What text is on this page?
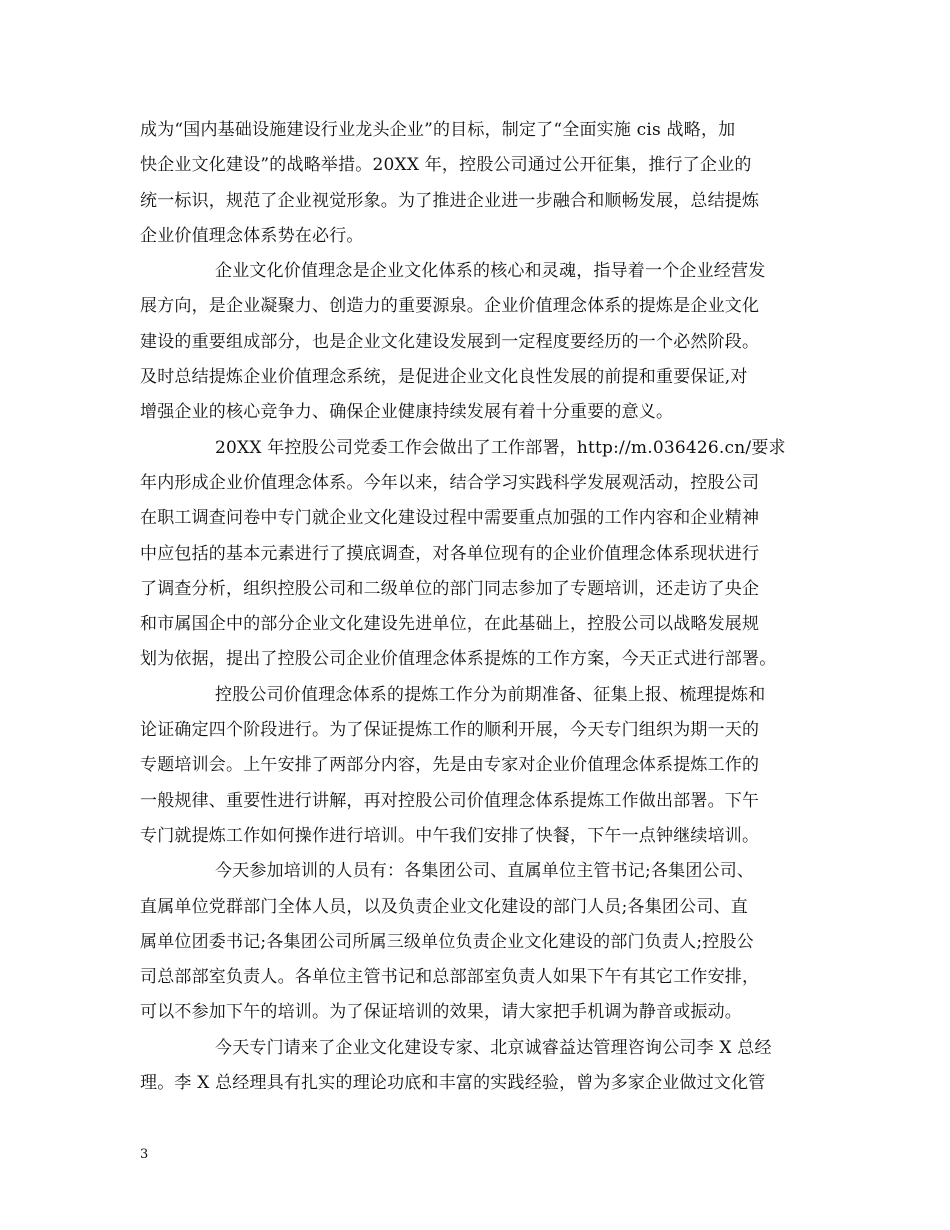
成为“国内基础设施建设行业龙头企业”的目标，制定了“全面实施 cis 战略，加
快企业文化建设”的战略举措。20XX 年，控股公司通过公开征集，推行了企业的
统一标识，规范了企业视觉形象。为了推进企业进一步融合和顺畅发展，总结提炼
企业价值理念体系势在必行。
企业文化价值理念是企业文化体系的核心和灵魂，指导着一个企业经营发
展方向，是企业凝聚力、创造力的重要源泉。企业价值理念体系的提炼是企业文化
建设的重要组成部分，也是企业文化建设发展到一定程度要经历的一个必然阶段。
及时总结提炼企业价值理念系统，是促进企业文化良性发展的前提和重要保证,对
增强企业的核心竞争力、确保企业健康持续发展有着十分重要的意义。
20XX 年控股公司党委工作会做出了工作部署，http://m.036426.cn/要求
年内形成企业价值理念体系。今年以来，结合学习实践科学发展观活动，控股公司
在职工调查问卷中专门就企业文化建设过程中需要重点加强的工作内容和企业精神
中应包括的基本元素进行了摸底调查，对各单位现有的企业价值理念体系现状进行
了调查分析，组织控股公司和二级单位的部门同志参加了专题培训，还走访了央企
和市属国企中的部分企业文化建设先进单位，在此基础上，控股公司以战略发展规
划为依据，提出了控股公司企业价值理念体系提炼的工作方案，今天正式进行部署。
控股公司价值理念体系的提炼工作分为前期准备、征集上报、梳理提炼和
论证确定四个阶段进行。为了保证提炼工作的顺利开展，今天专门组织为期一天的
专题培训会。上午安排了两部分内容，先是由专家对企业价值理念体系提炼工作的
一般规律、重要性进行讲解，再对控股公司价值理念体系提炼工作做出部署。下午
专门就提炼工作如何操作进行培训。中午我们安排了快餐，下午一点钟继续培训。
今天参加培训的人员有：各集团公司、直属单位主管书记;各集团公司、
直属单位党群部门全体人员，以及负责企业文化建设的部门人员;各集团公司、直
属单位团委书记;各集团公司所属三级单位负责企业文化建设的部门负责人;控股公
司总部部室负责人。各单位主管书记和总部部室负责人如果下午有其它工作安排，
可以不参加下午的培训。为了保证培训的效果，请大家把手机调为静音或振动。
今天专门请来了企业文化建设专家、北京诚睿益达管理咨询公司李 X 总经
理。李 X 总经理具有扎实的理论功底和丰富的实践经验，曾为多家企业做过文化管
3
